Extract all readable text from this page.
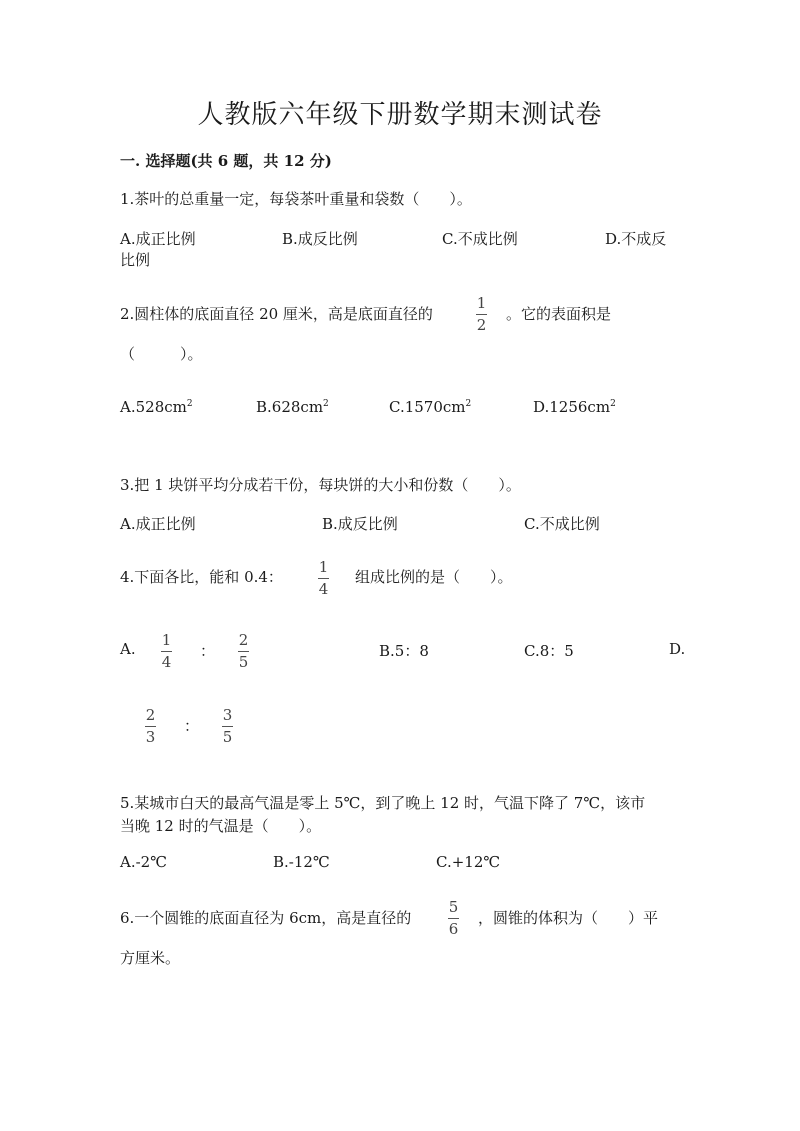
人教版六年级下册数学期末测试卷
一. 选择题(共 6 题，共 12 分)
1.茶叶的总重量一定，每袋茶叶重量和袋数（　　）。
A.成正比例	B.成反比例	C.不成比例	D.不成反
比例
2.圆柱体的底面直径 20 厘米，高是底面直径的
1
2
。它的表面积是
（　　　）。
$A.528cm^2$	$B.628cm^2$	$C.1570cm^2$	$D.1256cm^2$
3.把 1 块饼平均分成若干份，每块饼的大小和份数（　　）。
A.成正比例	B.成反比例	C.不成比例
4.下面各比，能和 0.4：
1
4
组成比例的是（　　）。
A. 1
4
：
2
5
B.5：8	C.8：5	D.
2
3
：
3
5
5.某城市白天的最高气温是零上 5℃，到了晚上 12 时，气温下降了 7℃，该市
当晚 12 时的气温是（　　）。
A.-2℃	B.-12℃	C.+12℃
6.一个圆锥的底面直径为 6cm，高是直径的
5
6
，圆锥的体积为（　　）平
方厘米。
